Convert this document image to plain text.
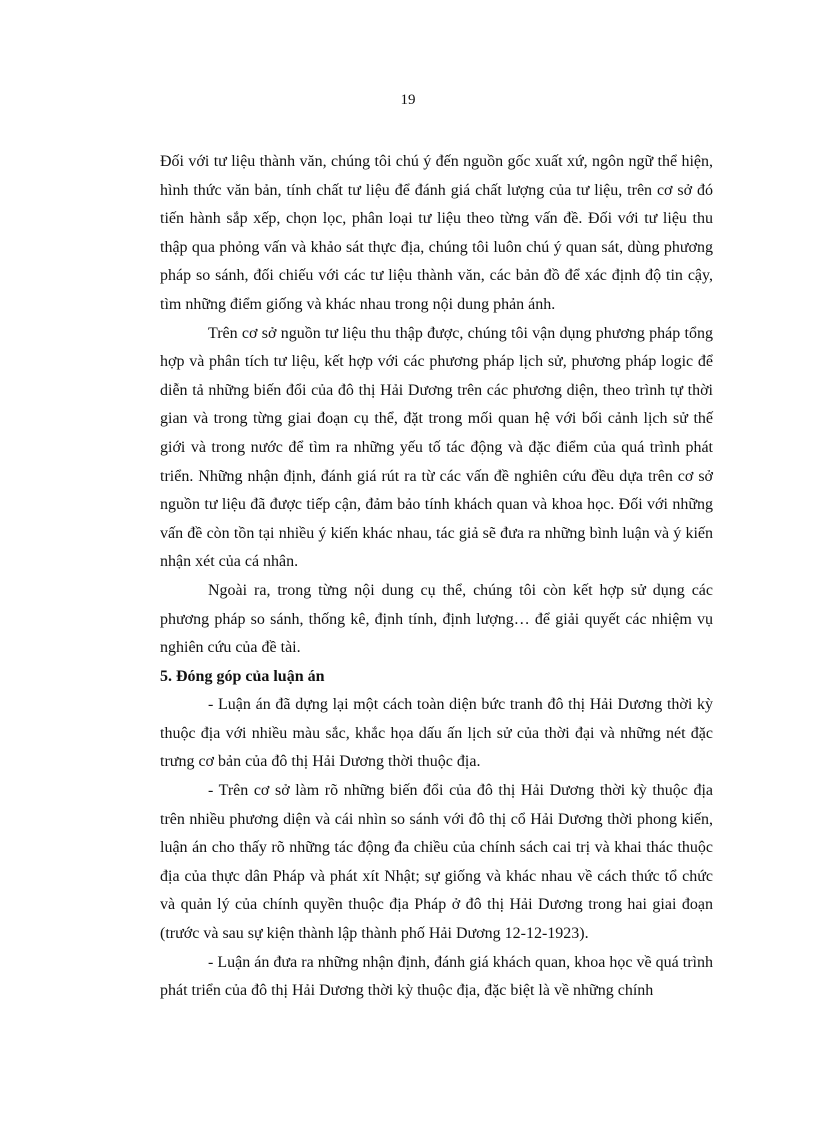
19

Đối với tư liệu thành văn, chúng tôi chú ý đến nguồn gốc xuất xứ, ngôn ngữ thể hiện, hình thức văn bản, tính chất tư liệu để đánh giá chất lượng của tư liệu, trên cơ sở đó tiến hành sắp xếp, chọn lọc, phân loại tư liệu theo từng vấn đề. Đối với tư liệu thu thập qua phỏng vấn và khảo sát thực địa, chúng tôi luôn chú ý quan sát, dùng phương pháp so sánh, đối chiếu với các tư liệu thành văn, các bản đồ để xác định độ tin cậy, tìm những điểm giống và khác nhau trong nội dung phản ánh.

Trên cơ sở nguồn tư liệu thu thập được, chúng tôi vận dụng phương pháp tổng hợp và phân tích tư liệu, kết hợp với các phương pháp lịch sử, phương pháp logic để diễn tả những biến đổi của đô thị Hải Dương trên các phương diện, theo trình tự thời gian và trong từng giai đoạn cụ thể, đặt trong mối quan hệ với bối cảnh lịch sử thế giới và trong nước để tìm ra những yếu tố tác động và đặc điểm của quá trình phát triển. Những nhận định, đánh giá rút ra từ các vấn đề nghiên cứu đều dựa trên cơ sở nguồn tư liệu đã được tiếp cận, đảm bảo tính khách quan và khoa học. Đối với những vấn đề còn tồn tại nhiều ý kiến khác nhau, tác giả sẽ đưa ra những bình luận và ý kiến nhận xét của cá nhân.

Ngoài ra, trong từng nội dung cụ thể, chúng tôi còn kết hợp sử dụng các phương pháp so sánh, thống kê, định tính, định lượng… để giải quyết các nhiệm vụ nghiên cứu của đề tài.

5. Đóng góp của luận án

- Luận án đã dựng lại một cách toàn diện bức tranh đô thị Hải Dương thời kỳ thuộc địa với nhiều màu sắc, khắc họa dấu ấn lịch sử của thời đại và những nét đặc trưng cơ bản của đô thị Hải Dương thời thuộc địa.

- Trên cơ sở làm rõ những biến đổi của đô thị Hải Dương thời kỳ thuộc địa trên nhiều phương diện và cái nhìn so sánh với đô thị cổ Hải Dương thời phong kiến, luận án cho thấy rõ những tác động đa chiều của chính sách cai trị và khai thác thuộc địa của thực dân Pháp và phát xít Nhật; sự giống và khác nhau về cách thức tổ chức và quản lý của chính quyền thuộc địa Pháp ở đô thị Hải Dương trong hai giai đoạn (trước và sau sự kiện thành lập thành phố Hải Dương 12-12-1923).

- Luận án đưa ra những nhận định, đánh giá khách quan, khoa học về quá trình phát triển của đô thị Hải Dương thời kỳ thuộc địa, đặc biệt là về những chính
